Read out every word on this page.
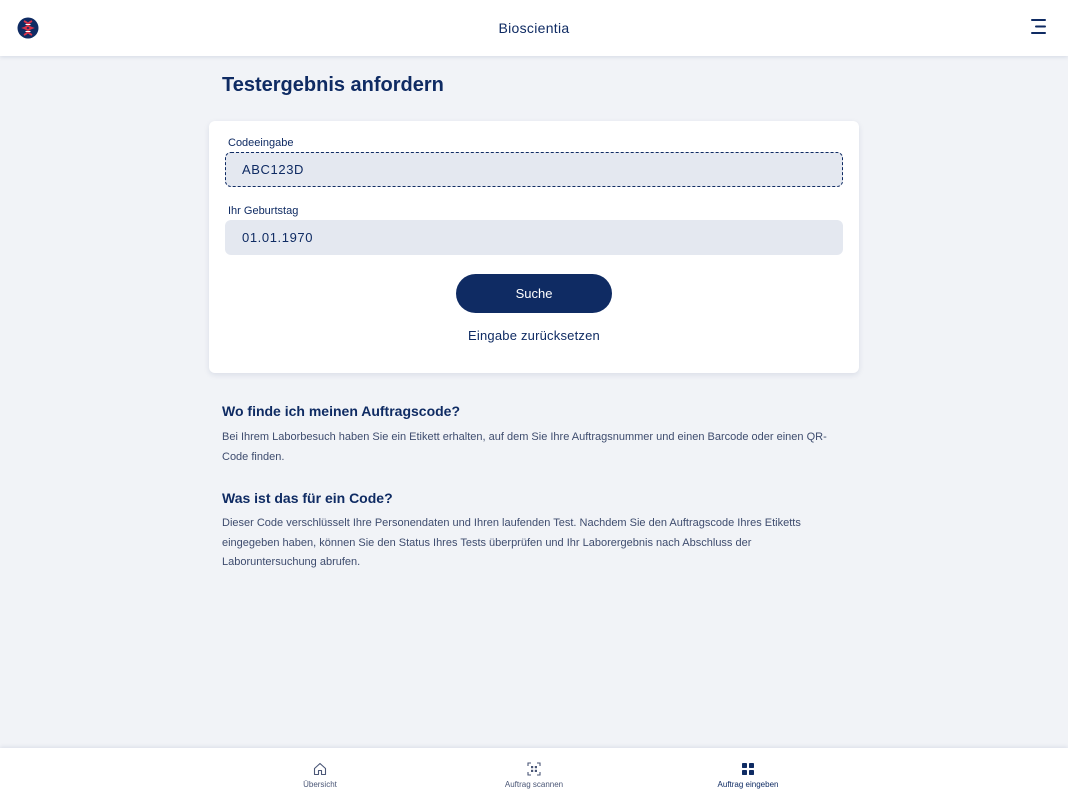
Bioscientia
Testergebnis anfordern
Codeeingabe
ABC123D
Ihr Geburtstag
01.01.1970
Suche
Eingabe zurücksetzen
Wo finde ich meinen Auftragscode?

Bei Ihrem Laborbesuch haben Sie ein Etikett erhalten, auf dem Sie Ihre Auftragsnummer und einen Barcode oder einen QR-Code finden.

Was ist das für ein Code?

Dieser Code verschlüsselt Ihre Personendaten und Ihren laufenden Test. Nachdem Sie den Auftragscode Ihres Etiketts eingegeben haben, können Sie den Status Ihres Tests überprüfen und Ihr Laborergebnis nach Abschluss der Laboruntersuchung abrufen.

Übersicht	Auftrag scannen	Auftrag eingeben
